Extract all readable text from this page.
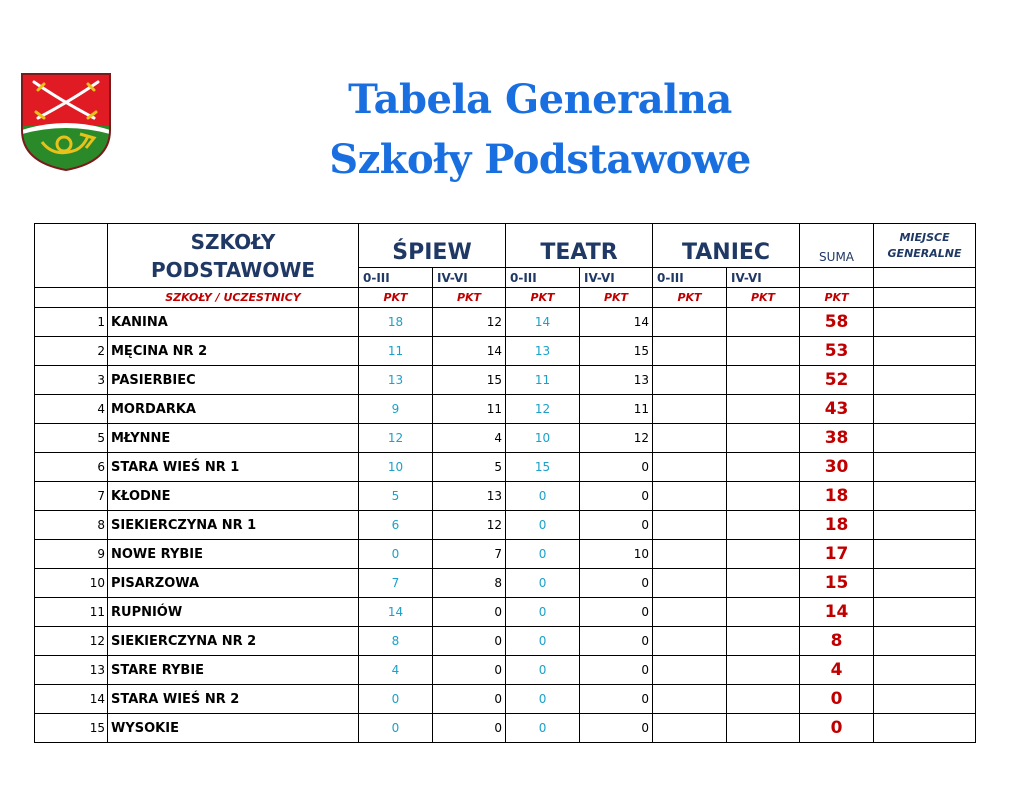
Tabela Generalna
Szkoły Podstawowe
	SZKOŁY PODSTAWOWE	ŚPIEW		TEATR		TANIEC		SUMA	MIEJSCE GENERALNE
		0-III	IV-VI	0-III	IV-VI	0-III	IV-VI		
	SZKOŁY / UCZESTNICY	PKT	PKT	PKT	PKT	PKT	PKT	PKT	
1	KANINA	18	12	14	14			58	
2	MĘCINA NR 2	11	14	13	15			53	
3	PASIERBIEC	13	15	11	13			52	
4	MORDARKA	9	11	12	11			43	
5	MŁYNNE	12	4	10	12			38	
6	STARA WIEŚ NR 1	10	5	15	0			30	
7	KŁODNE	5	13	0	0			18	
8	SIEKIERCZYNA NR 1	6	12	0	0			18	
9	NOWE RYBIE	0	7	0	10			17	
10	PISARZOWA	7	8	0	0			15	
11	RUPNIÓW	14	0	0	0			14	
12	SIEKIERCZYNA NR 2	8	0	0	0			8	
13	STARE RYBIE	4	0	0	0			4	
14	STARA WIEŚ NR 2	0	0	0	0			0	
15	WYSOKIE	0	0	0	0			0	
